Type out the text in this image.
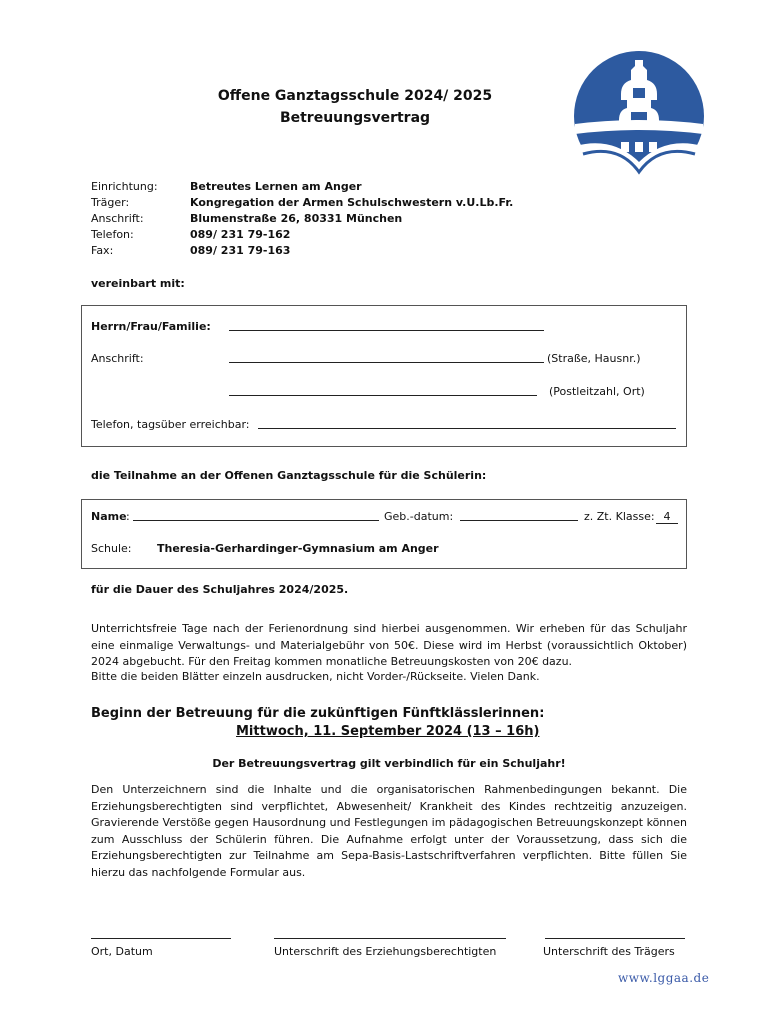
Offene Ganztagsschule 2024/ 2025
Betreuungsvertrag
Einrichtung:	Betreutes Lernen am Anger
Träger:	Kongregation der Armen Schulschwestern v.U.Lb.Fr.
Anschrift:	Blumenstraße 26, 80331 München
Telefon:	089/ 231 79-162
Fax:	089/ 231 79-163
vereinbart mit:
Herrn/Frau/Familie:
Anschrift:	(Straße, Hausnr.)
(Postleitzahl, Ort)
Telefon, tagsüber erreichbar:
die Teilnahme an der Offenen Ganztagsschule für die Schülerin:
Name :	Geb.-datum:	z. Zt. Klasse: 4
Schule: Theresia-Gerhardinger-Gymnasium am Anger
für die Dauer des Schuljahres 2024/2025.
Unterrichtsfreie Tage nach der Ferienordnung sind hierbei ausgenommen. Wir erheben für das Schuljahr eine einmalige Verwaltungs- und Materialgebühr von 50€. Diese wird im Herbst (voraussichtlich Oktober) 2024 abgebucht. Für den Freitag kommen monatliche Betreuungskosten von 20€ dazu.
Bitte die beiden Blätter einzeln ausdrucken, nicht Vorder-/Rückseite. Vielen Dank.
Beginn der Betreuung für die zukünftigen Fünftklässlerinnen:
Mittwoch, 11. September 2024 (13 – 16h)
Der Betreuungsvertrag gilt verbindlich für ein Schuljahr!
Den Unterzeichnern sind die Inhalte und die organisatorischen Rahmenbedingungen bekannt. Die Erziehungsberechtigten sind verpflichtet, Abwesenheit/ Krankheit des Kindes rechtzeitig anzuzeigen. Gravierende Verstöße gegen Hausordnung und Festlegungen im pädagogischen Betreuungskonzept können zum Ausschluss der Schülerin führen. Die Aufnahme erfolgt unter der Voraussetzung, dass sich die Erziehungsberechtigten zur Teilnahme am Sepa-Basis-Lastschriftverfahren verpflichten. Bitte füllen Sie hierzu das nachfolgende Formular aus.
Ort, Datum	Unterschrift des Erziehungsberechtigten	Unterschrift des Trägers
www.lggaa.de
